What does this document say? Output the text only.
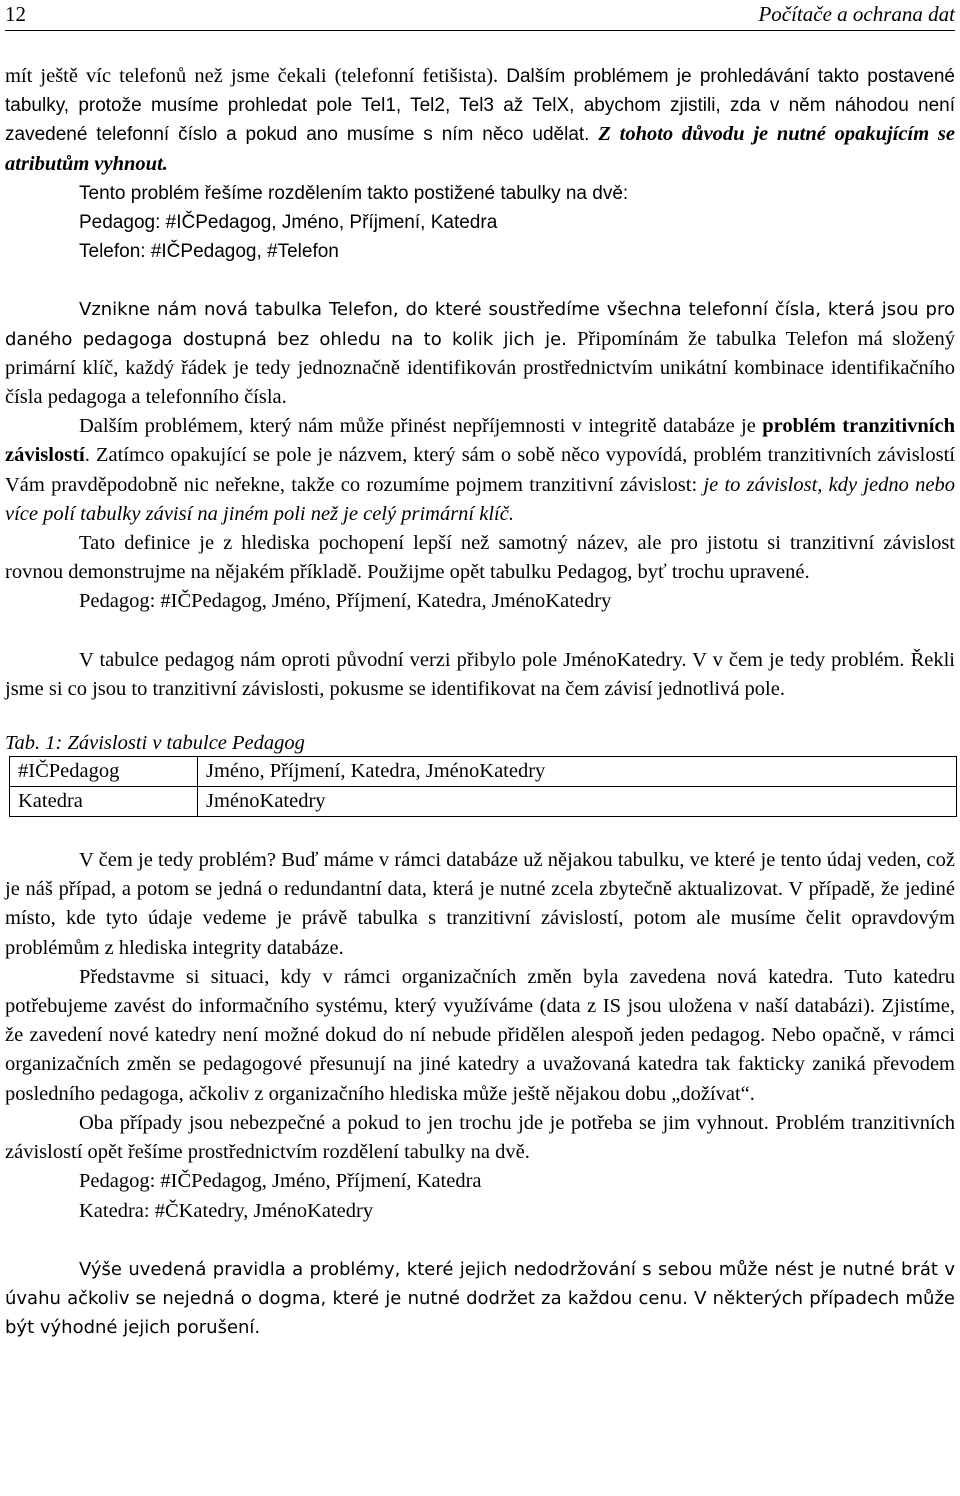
12	Počítače a ochrana dat

mít ještě víc telefonů než jsme čekali (telefonní fetišista). Dalším problémem je prohledávání takto postavené tabulky, protože musíme prohledat pole Tel1, Tel2, Tel3 až TelX, abychom zjistili, zda v něm náhodou není zavedené telefonní číslo a pokud ano musíme s ním něco udělat. Z tohoto důvodu je nutné opakujícím se atributům vyhnout.

Tento problém řešíme rozdělením takto postižené tabulky na dvě:

Pedagog: #IČPedagog, Jméno, Příjmení, Katedra

Telefon: #IČPedagog, #Telefon

Vznikne nám nová tabulka Telefon, do které soustředíme všechna telefonní čísla, která jsou pro daného pedagoga dostupná bez ohledu na to kolik jich je. Připomínám že tabulka Telefon má složený primární klíč, každý řádek je tedy jednoznačně identifikován prostřednictvím unikátní kombinace identifikačního čísla pedagoga a telefonního čísla.

Dalším problémem, který nám může přinést nepříjemnosti v integritě databáze je problém tranzitivních závislostí. Zatímco opakující se pole je názvem, který sám o sobě něco vypovídá, problém tranzitivních závislostí Vám pravděpodobně nic neřekne, takže co rozumíme pojmem tranzitivní závislost: je to závislost, kdy jedno nebo více polí tabulky závisí na jiném poli než je celý primární klíč.

Tato definice je z hlediska pochopení lepší než samotný název, ale pro jistotu si tranzitivní závislost rovnou demonstrujme na nějakém příkladě. Použijme opět tabulku Pedagog, byť trochu upravené.

Pedagog: #IČPedagog, Jméno, Příjmení, Katedra, JménoKatedry

V tabulce pedagog nám oproti původní verzi přibylo pole JménoKatedry. V v čem je tedy problém. Řekli jsme si co jsou to tranzitivní závislosti, pokusme se identifikovat na čem závisí jednotlivá pole.

Tab. 1: Závislosti v tabulce Pedagog
#IČPedagog	Jméno, Příjmení, Katedra, JménoKatedry
Katedra	JménoKatedry

V čem je tedy problém? Buď máme v rámci databáze už nějakou tabulku, ve které je tento údaj veden, což je náš případ, a potom se jedná o redundantní data, která je nutné zcela zbytečně aktualizovat. V případě, že jediné místo, kde tyto údaje vedeme je právě tabulka s tranzitivní závislostí, potom ale musíme čelit opravdovým problémům z hlediska integrity databáze.

Představme si situaci, kdy v rámci organizačních změn byla zavedena nová katedra. Tuto katedru potřebujeme zavést do informačního systému, který využíváme (data z IS jsou uložena v naší databázi). Zjistíme, že zavedení nové katedry není možné dokud do ní nebude přidělen alespoň jeden pedagog. Nebo opačně, v rámci organizačních změn se pedagogové přesunují na jiné katedry a uvažovaná katedra tak fakticky zaniká převodem posledního pedagoga, ačkoliv z organizačního hlediska může ještě nějakou dobu „dožívat“.

Oba případy jsou nebezpečné a pokud to jen trochu jde je potřeba se jim vyhnout. Problém tranzitivních závislostí opět řešíme prostřednictvím rozdělení tabulky na dvě.

Pedagog: #IČPedagog, Jméno, Příjmení, Katedra

Katedra: #ČKatedry, JménoKatedry

Výše uvedená pravidla a problémy, které jejich nedodržování s sebou může nést je nutné brát v úvahu ačkoliv se nejedná o dogma, které je nutné dodržet za každou cenu. V některých případech může být výhodné jejich porušení.
